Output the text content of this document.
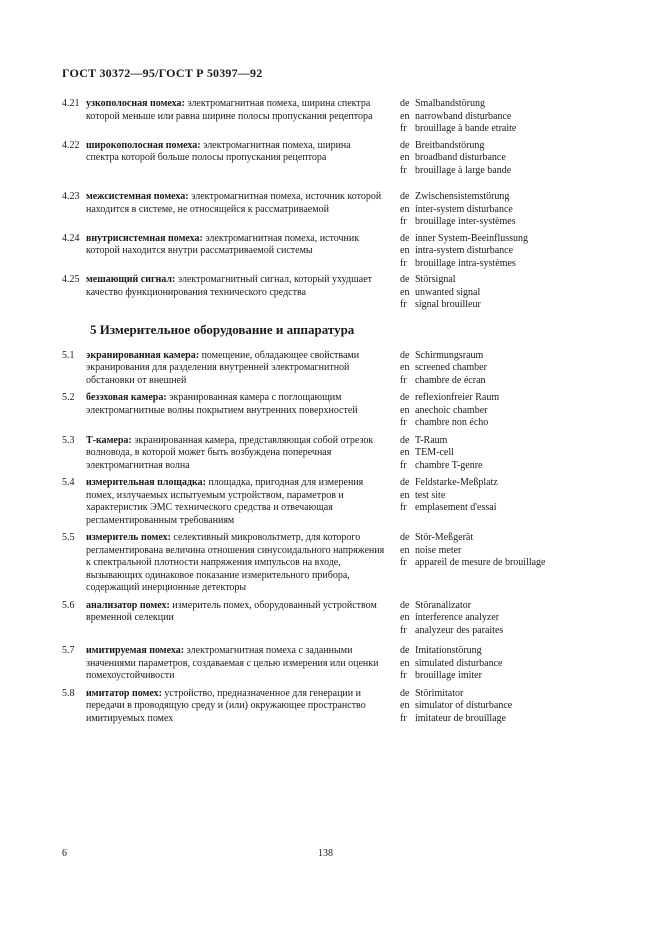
ГОСТ 30372—95/ГОСТ Р 50397—92
4.21 узкополосная помеха: электромагнитная помеха, ширина спектра которой меньше или равна ширине полосы пропускания рецептора
de Smalbandstörung
en narrowband disturbance
fr brouillage à bande etraite
4.22 широкополосная помеха: электромагнитная помеха, ширина спектра которой больше полосы пропускания рецептора
de Breitbandstörung
en broadband disturbance
fr brouillage à large bande
4.23 межсистемная помеха: электромагнитная помеха, источник которой находится в системе, не относящейся к рассматриваемой
de Zwischensistemstörung
en inter-system disturbance
fr brouillage inter-systèmes
4.24 внутрисистемная помеха: электромагнитная помеха, источник которой находится внутри рассматриваемой системы
de inner System-Beeinflussung
en intra-system disturbance
fr brouillage intra-systèmes
4.25 мешающий сигнал: электромагнитный сигнал, который ухудшает качество функционирования технического средства
de Störsignal
en unwanted signal
fr signal brouilleur
5 Измерительное оборудование и аппаратура
5.1	экранированная камера: помещение, обладающее свойствами экранирования для разделения внутренней электромагнитной обстановки от внешней
de Schirmungsraum
en screened chamber
fr chambre de écran
5.2	безэховая камера: экранированная камера с поглощающим электромагнитные волны покрытием внутренних поверхностей
de reflexionfreier Raum
en anechoic chamber
fr chambre non écho
5.3	Т-камера: экранированная камера, представляющая собой отрезок волновода, в которой может быть возбуждена поперечная электромагнитная волна
de T-Raum
en TEM-cell
fr chambre T-genre
5.4	измерительная площадка: площадка, пригодная для измерения помех, излучаемых испытуемым устройством, параметров и характеристик ЭМС технического средства и отвечающая регламентированным требованиям
de Feldstarke-Meßplatz
en test site
fr emplasement d'essai
5.5	измеритель помех: селективный микровольтметр, для которого регламентирована величина отношения синусоидального напряжения к спектральной плотности напряжения импульсов на входе, вызывающих одинаковое показание измерительного прибора, содержащий инерционные детекторы
de Stör-Meßgerät
en noise meter
fr appareil de mesure de brouillage
5.6	анализатор помех: измеритель помех, оборудованный устройством временной селекции
de Störanalizator
en interference analyzer
fr analyzeur des paraites
5.7	имитируемая помеха: электромагнитная помеха с заданными значениями параметров, создаваемая с целью измерения или оценки помехоустойчивости
de Imitationstörung
en simulated disturbance
fr brouillage imiter
5.8	имитатор помех: устройство, предназначенное для генерации и передачи в проводящую среду и (или) окружающее пространство имитируемых помех
de Störimitator
en simulator of disturbance
fr imitateur de brouillage
6	138
